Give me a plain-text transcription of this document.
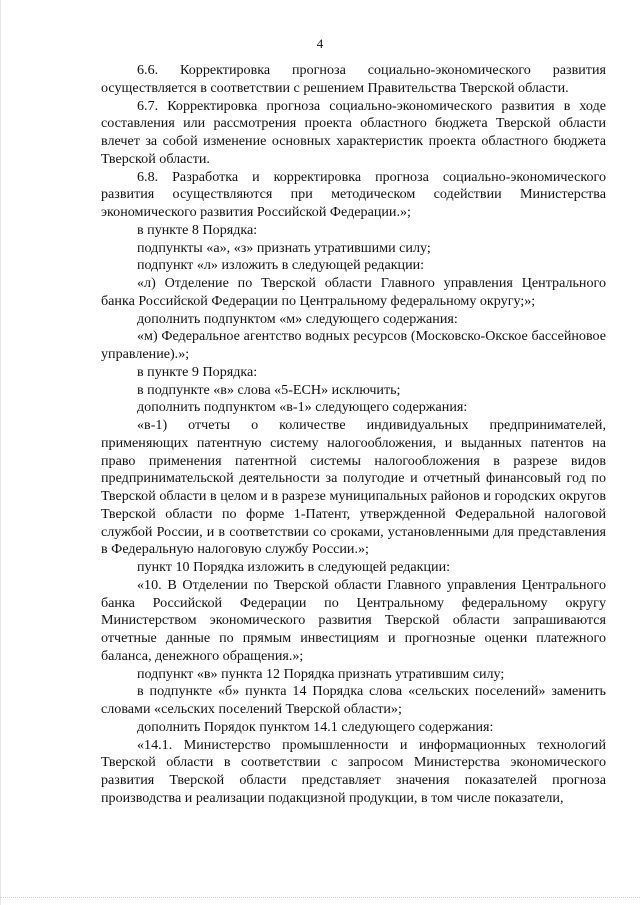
4

6.6. Корректировка прогноза социально-экономического развития осуществляется в соответствии с решением Правительства Тверской области.

6.7. Корректировка прогноза социально-экономического развития в ходе составления или рассмотрения проекта областного бюджета Тверской области влечет за собой изменение основных характеристик проекта областного бюджета Тверской области.

6.8. Разработка и корректировка прогноза социально-экономического развития осуществляются при методическом содействии Министерства экономического развития Российской Федерации.»;

в пункте 8 Порядка:

подпункты «а», «з» признать утратившими силу;

подпункт «л» изложить в следующей редакции:

«л) Отделение по Тверской области Главного управления Центрального банка Российской Федерации по Центральному федеральному округу;»;

дополнить подпунктом «м» следующего содержания:

«м) Федеральное агентство водных ресурсов (Московско-Окское бассейновое управление).»;

в пункте 9 Порядка:

в подпункте «в» слова «5-ЕСН» исключить;

дополнить подпунктом «в-1» следующего содержания:

«в-1) отчеты о количестве индивидуальных предпринимателей, применяющих патентную систему налогообложения, и выданных патентов на право применения патентной системы налогообложения в разрезе видов предпринимательской деятельности за полугодие и отчетный финансовый год по Тверской области в целом и в разрезе муниципальных районов и городских округов Тверской области по форме 1-Патент, утвержденной Федеральной налоговой службой России, и в соответствии со сроками, установленными для представления в Федеральную налоговую службу России.»;

пункт 10 Порядка изложить в следующей редакции:

«10. В Отделении по Тверской области Главного управления Центрального банка Российской Федерации по Центральному федеральному округу Министерством экономического развития Тверской области запрашиваются отчетные данные по прямым инвестициям и прогнозные оценки платежного баланса, денежного обращения.»;

подпункт «в» пункта 12 Порядка признать утратившим силу;

в подпункте «б» пункта 14 Порядка слова «сельских поселений» заменить словами «сельских поселений Тверской области»;

дополнить Порядок пунктом 14.1 следующего содержания:

«14.1. Министерство промышленности и информационных технологий Тверской области в соответствии с запросом Министерства экономического развития Тверской области представляет значения показателей прогноза производства и реализации подакцизной продукции, в том числе показатели,
